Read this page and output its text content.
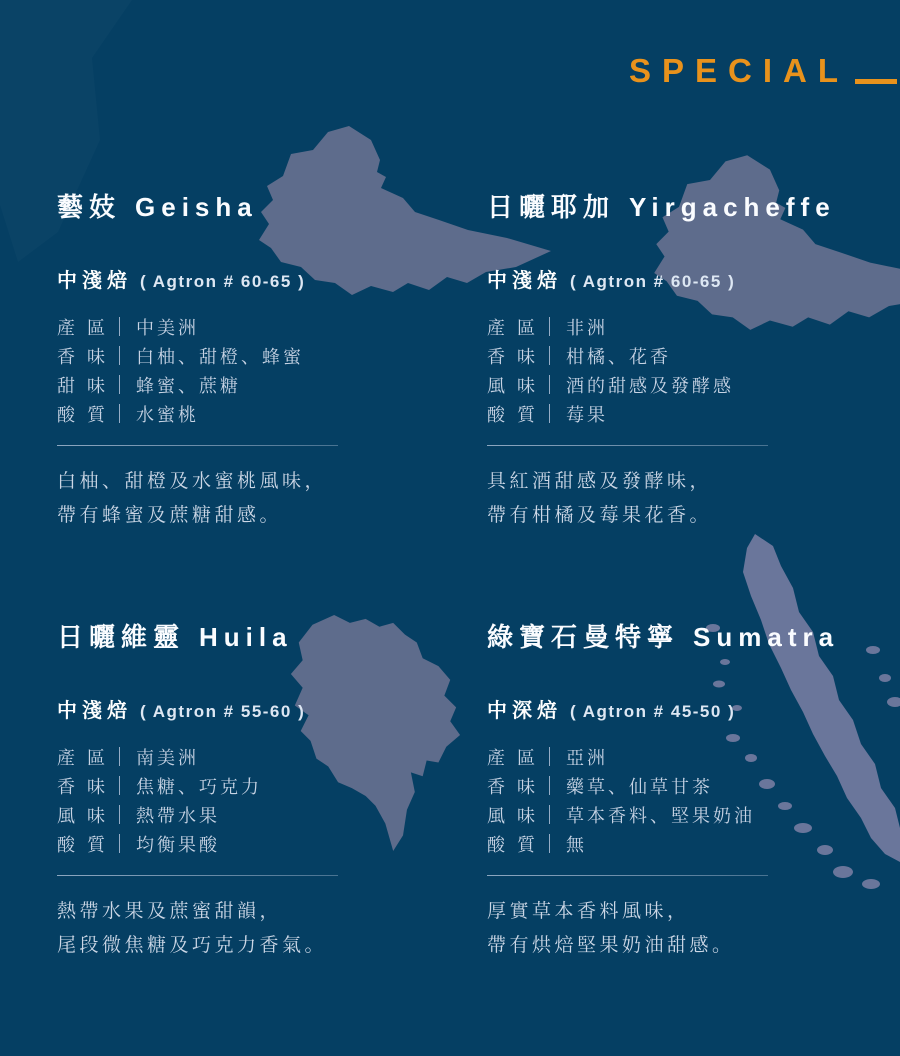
SPECIAL
藝妓 Geisha
中淺焙 ( Agtron # 60-65 )
產區 中美洲
香味 白柚、甜橙、蜂蜜
甜味 蜂蜜、蔗糖
酸質 水蜜桃

白柚、甜橙及水蜜桃風味，
帶有蜂蜜及蔗糖甜感。

日曬耶加 Yirgacheffe
中淺焙 ( Agtron # 60-65 )
產區 非洲
香味 柑橘、花香
風味 酒的甜感及發酵感
酸質 莓果

具紅酒甜感及發酵味，
帶有柑橘及莓果花香。

日曬維靈 Huila
中淺焙 ( Agtron # 55-60 )
產區 南美洲
香味 焦糖、巧克力
風味 熱帶水果
酸質 均衡果酸

熱帶水果及蔗蜜甜韻，
尾段微焦糖及巧克力香氣。

綠寶石曼特寧 Sumatra
中深焙 ( Agtron # 45-50 )
產區 亞洲
香味 藥草、仙草甘茶
風味 草本香料、堅果奶油
酸質 無

厚實草本香料風味，
帶有烘焙堅果奶油甜感。
